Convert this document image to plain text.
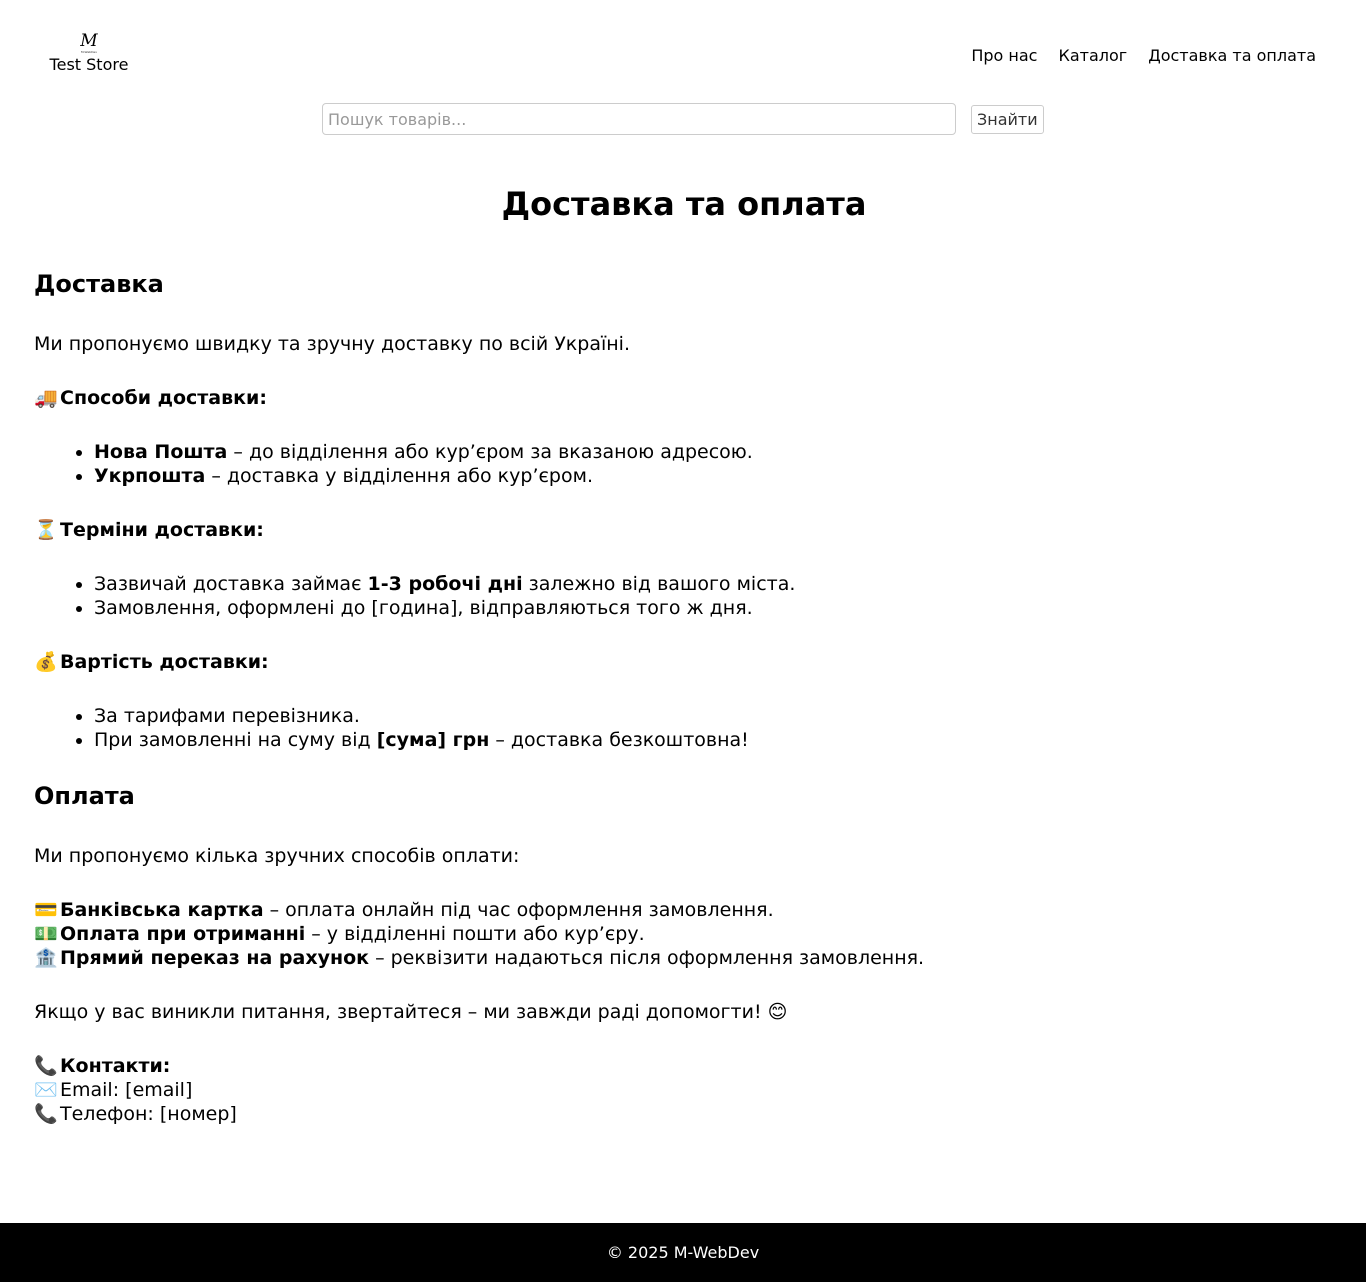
M
M-WebDev
Test Store	Про нас Каталог Доставка та оплата
Пошук товарів...
Знайти
Доставка та оплата
Доставка

Ми пропонуємо швидку та зручну доставку по всій Україні.

🚚 Способи доставки:

• Нова Пошта – до відділення або кур’єром за вказаною адресою.
• Укрпошта – доставка у відділення або кур’єром.

⏳ Терміни доставки:

• Зазвичай доставка займає 1-3 робочі дні залежно від вашого міста.
• Замовлення, оформлені до [година], відправляються того ж дня.

💰 Вартість доставки:

• За тарифами перевізника.
• При замовленні на суму від [сума] грн – доставка безкоштовна!
Оплата

Ми пропонуємо кілька зручних способів оплати:

💳 Банківська картка – оплата онлайн під час оформлення замовлення.
💵 Оплата при отриманні – у відділенні пошти або кур’єру.
🏦 Прямий переказ на рахунок – реквізити надаються після оформлення замовлення.

Якщо у вас виникли питання, звертайтеся – ми завжди раді допомогти! 😊

📞 Контакти:
✉️ Email: [email]
📞 Телефон: [номер]

© 2025 M-WebDev
